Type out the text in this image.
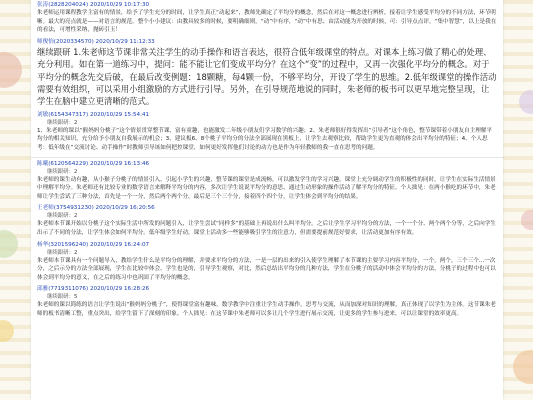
张涛(2828204024) 2020/10/29 10:17:30

朱老师运用课程教学主富有的情景，给予了学生充分的时间，让学生真正“动起来”，教师先确定了平均分的概念，然后在对这一概念进行辨析，接着让学生感受平均分的不同方法，环节明晰。最大的亮点就是——对语言的规范。整个小小建议：由教具较多的时候，要明确细则，“动”中有序，“动”中有思；由活动能为开放的时候，可：引导点点评，“集中智慧”，以上是我在的看法，可增性采纳，抛砖引玉！

师俊怡(2020334570) 2020/10/29 11:12:33

继续跟研 1.朱老师这节课非常关注学生的动手操作和语言表达，很符合低年级课堂的特点。对课本上练习做了精心的处理、充分利用。如在第一道练习中，提问：能不能让它们变成平均分？在这个“变”的过程中，又再一次强化平均分的概念。对于平均分的概念先交后破，在最后改变例题：18颗糖，每4颗一份，不够平均分，开设了学生的思维。2.低年级课堂的操作活动需要有效组织，可以采用小组激励的方式进行引导。另外，在引导规范地说的同时，朱老师的板书可以更早地完整呈现，让学生在脑中建立更清晰的范式。

刘敏(6154347317) 2020/10/29 15:54:41
继续跟研：2

1、朱老师的课以“猴妈妈分桃子”这个情景贯穿整节课，富有童趣，也能激发二年级小朋友们学习数学的兴趣；2、朱老师很好得发挥出“引导者”这个角色，整节课带着小朋友自主理解平均分的相关知识，充分给予小朋友自我展示的机会；3、建议板6、8个桃子平均分的分法全部展现在黑板上，让学生去观察比较，帮助学生更为直观的体会出平均分的特征；4、个人思考：低年级在“交流讨论、动手操作”时教师引导该如何把控课堂，如何更好发挥他们讨论的动力也是作为年轻教师的我一直在思考的问题。

陈曦(6120564229) 2020/10/29 16:13:46
继续跟研：2

朱老师的课生动有趣，从小猴子分桃子的情景引入，引起小学生的兴趣，整节课的课堂是成流畅，可以激发学生的学习兴趣。课堂上充分调动学生的积极性的同时，让学生在实际生活情景中理解平均分。朱老师还有比较专业的数学语言来解释平均分的内容，多次让学生说说平均分的意思，通过生动形象的操作活动了解平均分的特征。个人拙见：在两小猴吃的环节中，朱老师让学生尝试了三种分法，首先是一个一分，然后两个两个分，最后是三个三个分，接着四个四个分，让学生体会到平均分的结果。

王老师(3754931230) 2020/10/29 16:20:56
继续跟研：2

朱老师本节课开始以分桃子这个实际生活中所发的问题引入，让学生尝试“同样多”的基础上再说出什么叫平均分。之后让学生学习平均分的方法，一个一个分、两个两个分等，之后向学生出示了不同的分法，让学生体会如何平均分。低年级学生好动，课堂上活动多一些能够吸引学生的注意力，但需要提前规范好要求，让活动更加有序有效。

杨华(3201596240) 2020/10/29 16:24:07
继续跟研：2

朱老师本节课具有一个问题导入，教给学生什么是平均分的理解，并要求平均分的方法，一是一层的出来的引入使学生理解了本节课的主要学习内容平均分，一个，两个，三个三个...一次分，之后示分的方法全部展现，学生在比较中体会。学生也是的，引导学生观察，对比，然后总结出平均分的几种方法，学生在分桃子的活动中体会平均分的方法，分桃子的过程中也可以体会到平均分的意义，在之后的练习中也巩固了平均分的概念。

邱雅(7719311076) 2020/10/29 16:28:26
继续跟研：5

朱老师的课以简练的语言让学生说出“猴妈妈分桃子”，使得课堂富有趣味。数学教学中注重让学生动手操作，思考与交流，从而加深对知识的理解，真正体现了以学生为主体。这节课朱老师的板书清晰工整，重点突出，给学生留下了深刻的印象。个人拙见：在这节课中朱老师可以多让几个学生进行展示交流，让更多的学生参与进来，可以让课堂的效率更高。
